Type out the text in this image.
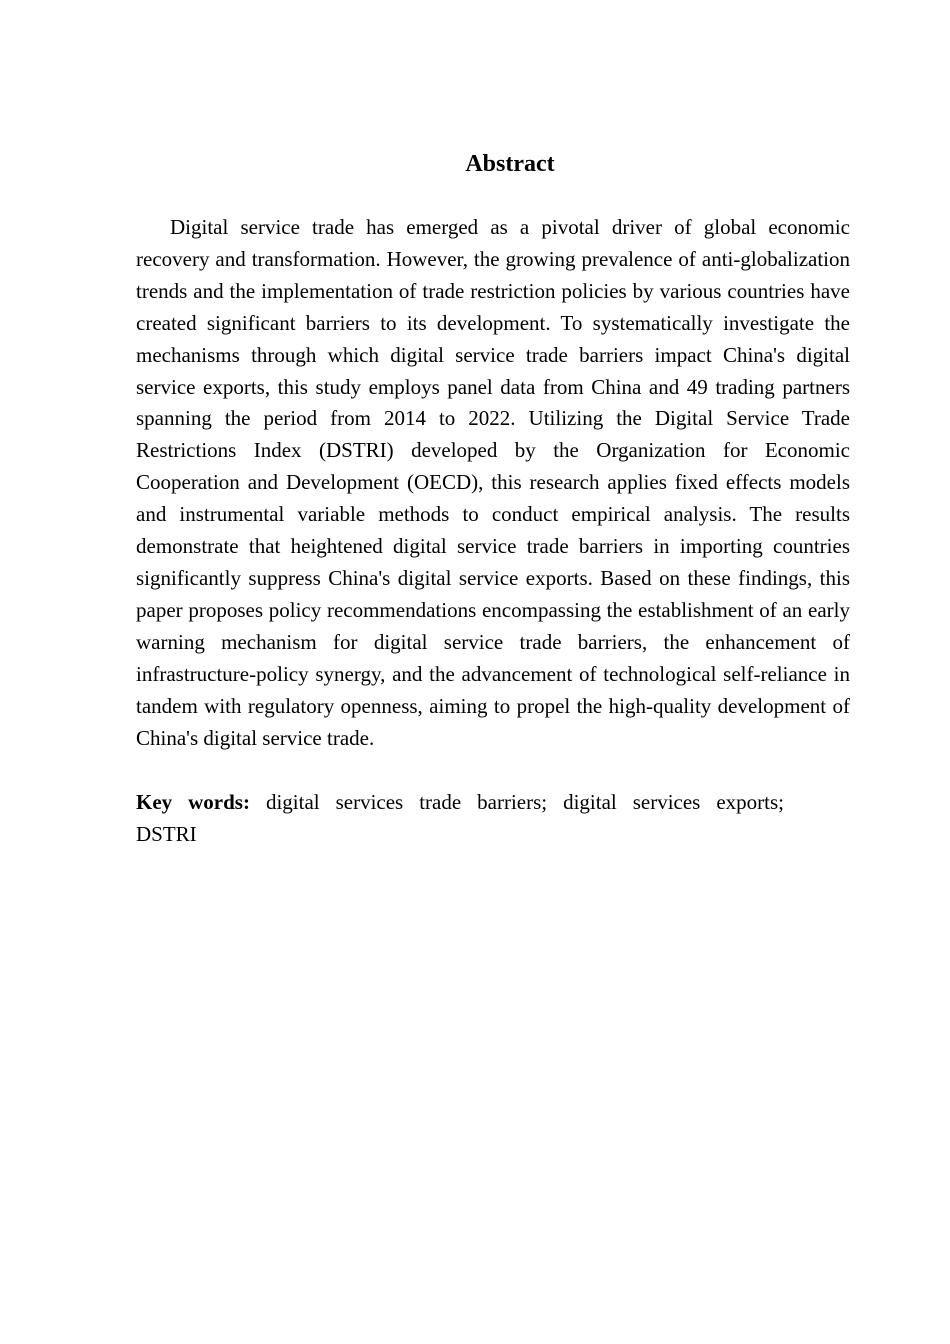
Abstract

Digital service trade has emerged as a pivotal driver of global economic recovery and transformation. However, the growing prevalence of anti-globalization trends and the implementation of trade restriction policies by various countries have created significant barriers to its development. To systematically investigate the mechanisms through which digital service trade barriers impact China's digital service exports, this study employs panel data from China and 49 trading partners spanning the period from 2014 to 2022. Utilizing the Digital Service Trade Restrictions Index (DSTRI) developed by the Organization for Economic Cooperation and Development (OECD), this research applies fixed effects models and instrumental variable methods to conduct empirical analysis. The results demonstrate that heightened digital service trade barriers in importing countries significantly suppress China's digital service exports. Based on these findings, this paper proposes policy recommendations encompassing the establishment of an early warning mechanism for digital service trade barriers, the enhancement of infrastructure-policy synergy, and the advancement of technological self-reliance in tandem with regulatory openness, aiming to propel the high-quality development of China's digital service trade.

Key words: digital services trade barriers; digital services exports; DSTRI
